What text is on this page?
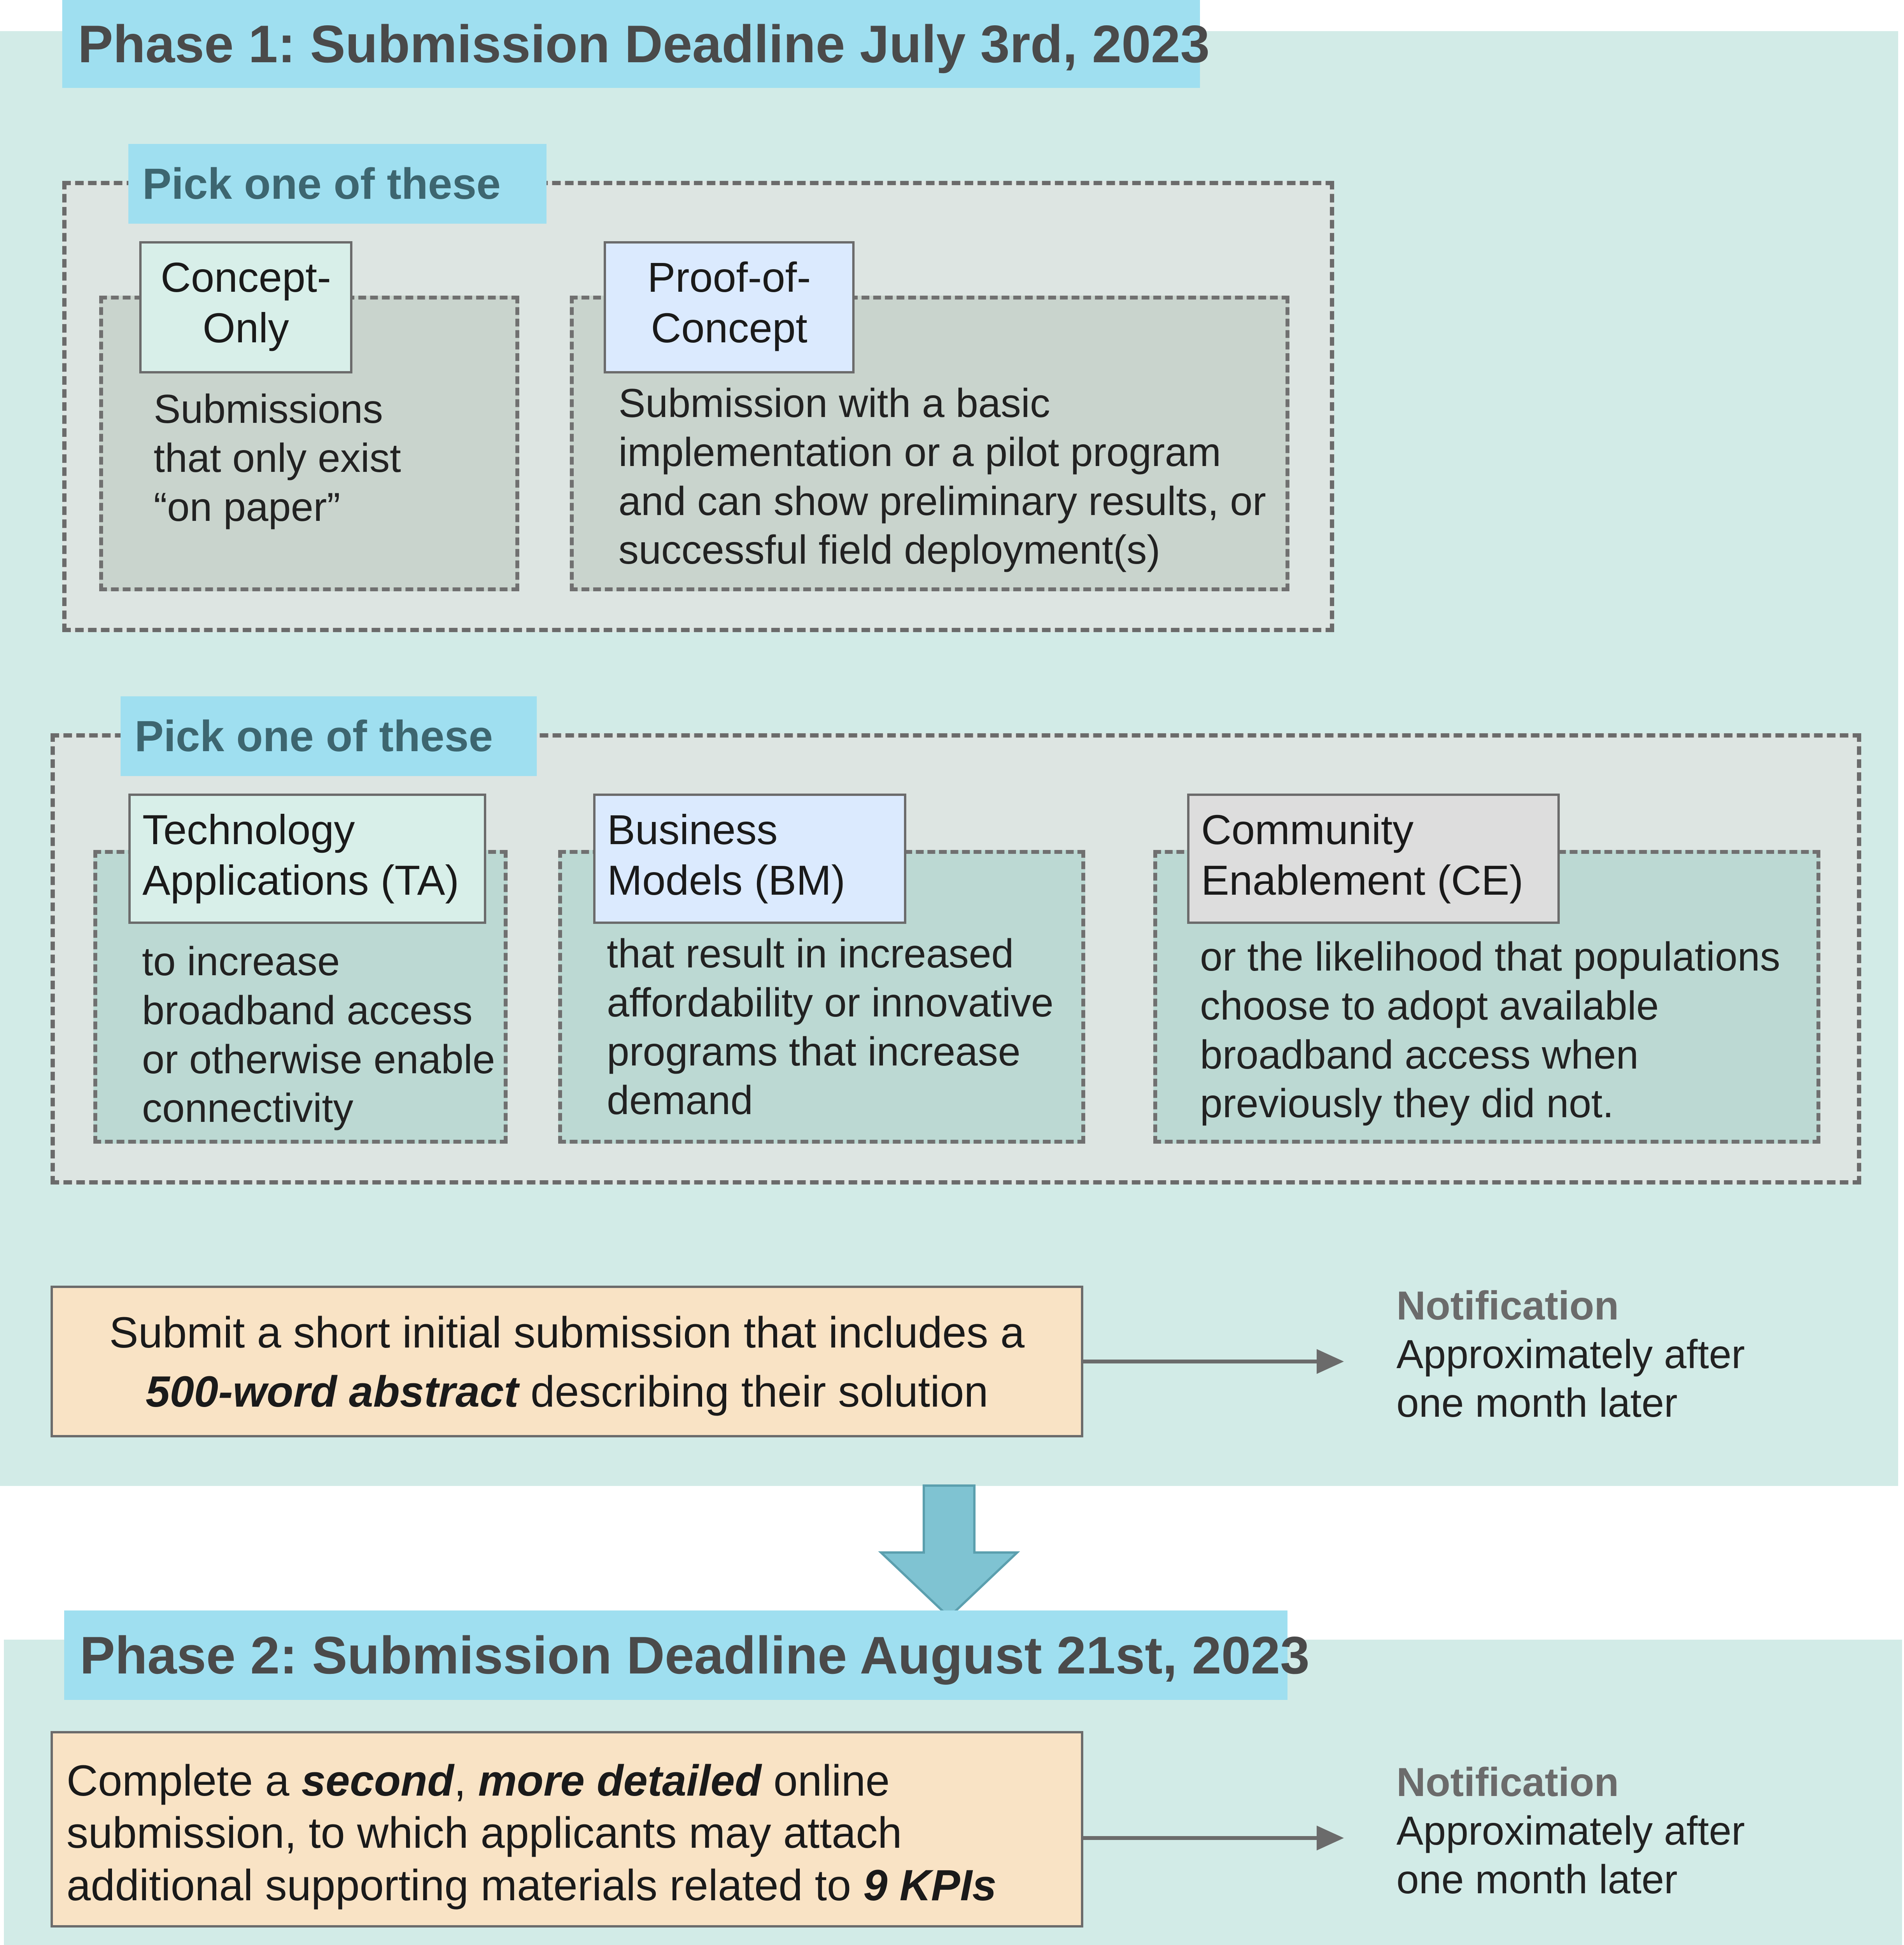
Phase 1: Submission Deadline July 3rd, 2023
Pick one of these
Concept-Only
Submissions that only exist “on paper”
Proof-of-Concept
Submission with a basic implementation or a pilot program and can show preliminary results, or successful field deployment(s)
Pick one of these
Technology Applications (TA)
to increase broadband access or otherwise enable connectivity
Business Models (BM)
that result in increased affordability or innovative programs that increase demand
Community Enablement (CE)
or the likelihood that populations choose to adopt available broadband access when previously they did not.
Submit a short initial submission that includes a
500-word abstract describing their solution
Notification
Approximately after
one month later
Phase 2: Submission Deadline August 21st, 2023
Complete a second, more detailed online
submission, to which applicants may attach
additional supporting materials related to 9 KPIs
Notification
Approximately after
one month later
